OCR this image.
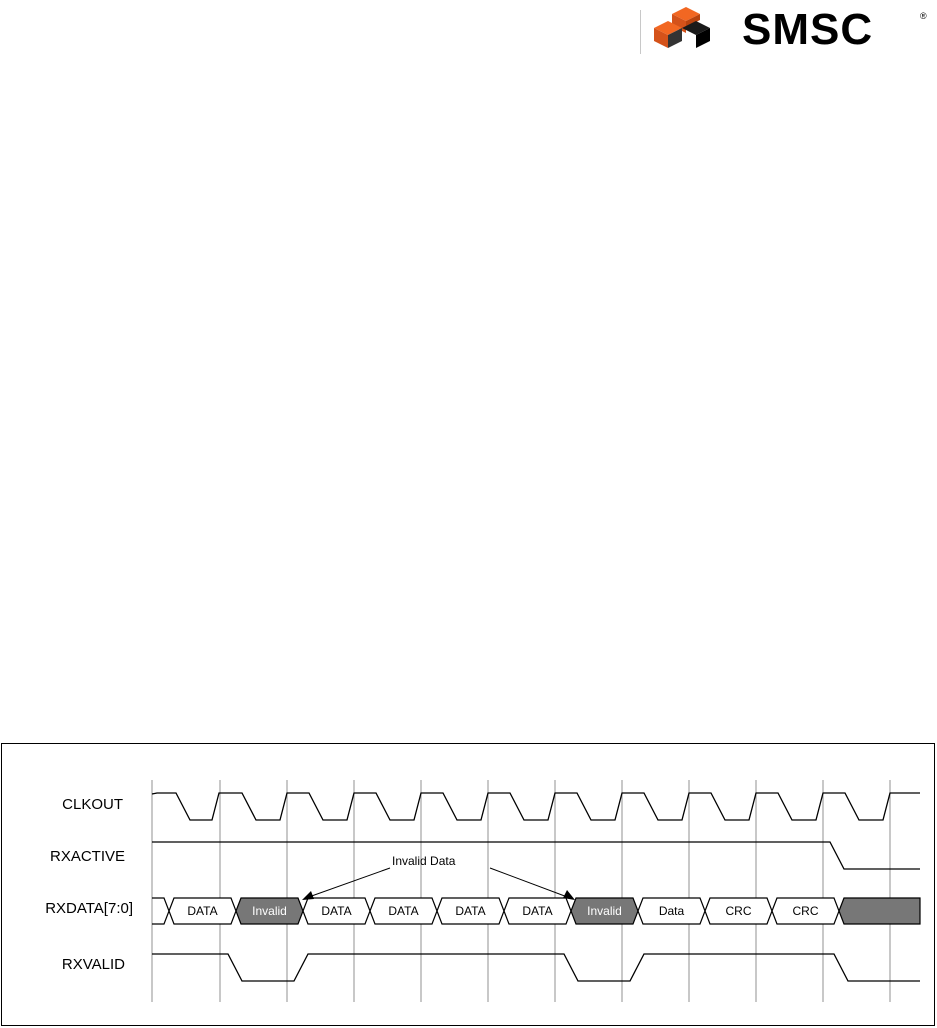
SMSC	®
CLKOUT
RXACTIVE
RXDATA[7:0]
RXVALID
DATA	Invalid	DATA	DATA	DATA	DATA	Invalid	Data	CRC	CRC
Invalid Data
